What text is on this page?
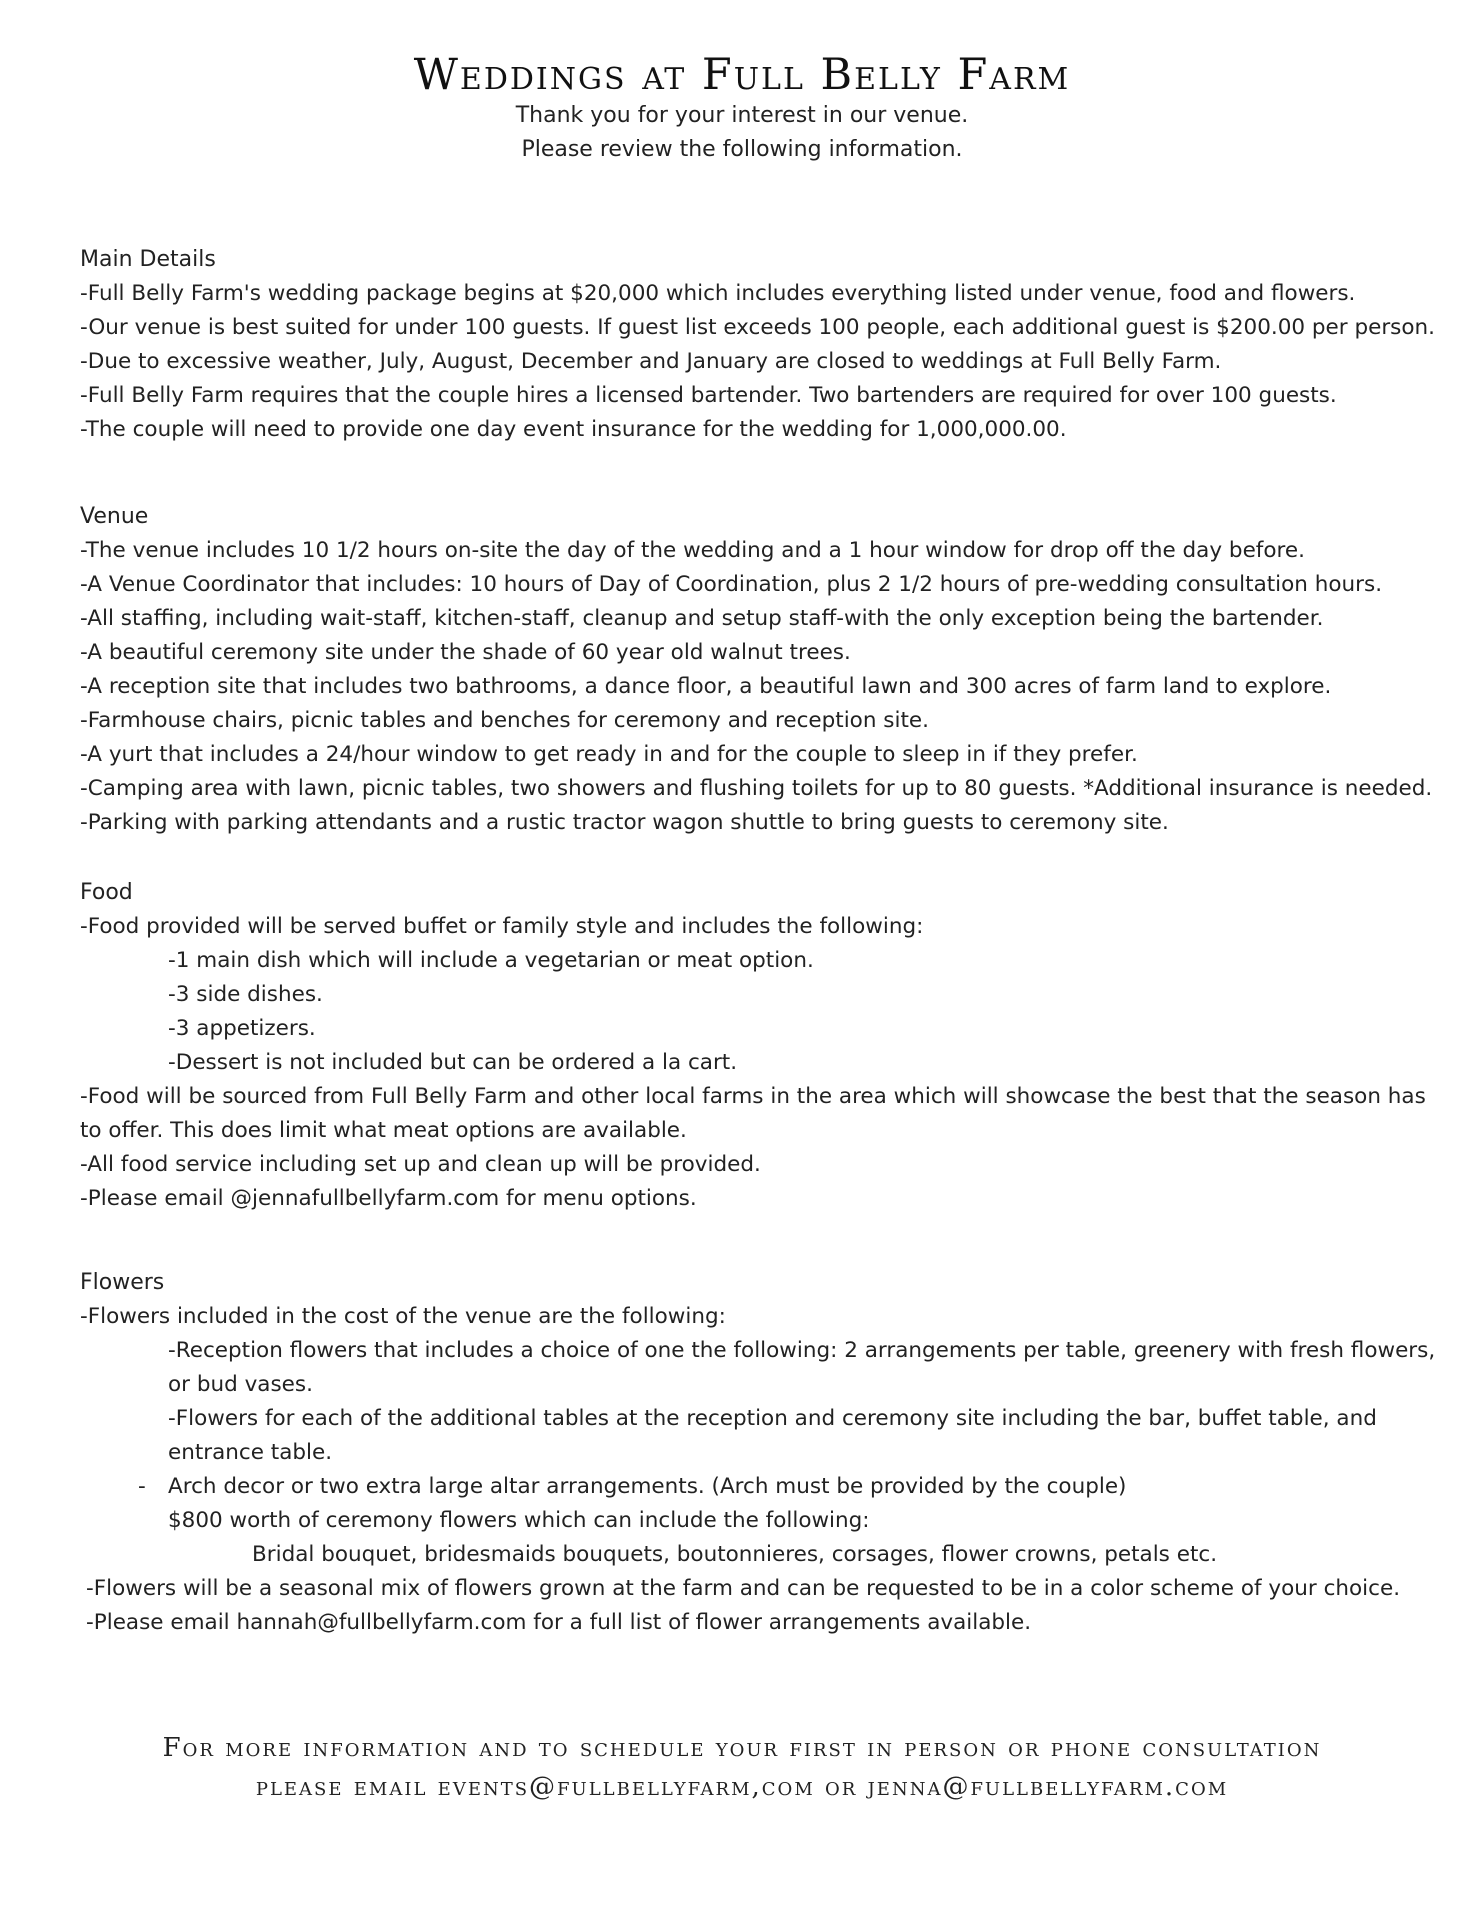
Weddings at Full Belly Farm
Thank you for your interest in our venue.
Please review the following information.
Main Details
-Full Belly Farm's wedding package begins at $20,000 which includes everything listed under venue, food and flowers.
-Our venue is best suited for under 100 guests. If guest list exceeds 100 people, each additional guest is $200.00 per person.
-Due to excessive weather, July, August, December and January are closed to weddings at Full Belly Farm.
-Full Belly Farm requires that the couple hires a licensed bartender. Two bartenders are required for over 100 guests.
-The couple will need to provide one day event insurance for the wedding for 1,000,000.00.
Venue
-The venue includes 10 1/2 hours on-site the day of the wedding and a 1 hour window for drop off the day before.
-A Venue Coordinator that includes: 10 hours of Day of Coordination, plus 2 1/2 hours of pre-wedding consultation hours.
-All staffing, including wait-staff, kitchen-staff, cleanup and setup staff-with the only exception being the bartender.
-A beautiful ceremony site under the shade of 60 year old walnut trees.
-A reception site that includes two bathrooms, a dance floor, a beautiful lawn and 300 acres of farm land to explore.
-Farmhouse chairs, picnic tables and benches for ceremony and reception site.
-A yurt that includes a 24/hour window to get ready in and for the couple to sleep in if they prefer.
-Camping area with lawn, picnic tables, two showers and flushing toilets for up to 80 guests. *Additional insurance is needed.
-Parking with parking attendants and a rustic tractor wagon shuttle to bring guests to ceremony site.
Food
-Food provided will be served buffet or family style and includes the following:
-1 main dish which will include a vegetarian or meat option.
-3 side dishes.
-3 appetizers.
-Dessert is not included but can be ordered a la cart.
-Food will be sourced from Full Belly Farm and other local farms in the area which will showcase the best that the season has to offer. This does limit what meat options are available.
-All food service including set up and clean up will be provided.
-Please email @jennafullbellyfarm.com for menu options.
Flowers
-Flowers included in the cost of the venue are the following:
-Reception flowers that includes a choice of one the following: 2 arrangements per table, greenery with fresh flowers, or bud vases.
-Flowers for each of the additional tables at the reception and ceremony site including the bar, buffet table, and entrance table.
- Arch decor or two extra large altar arrangements. (Arch must be provided by the couple)
$800 worth of ceremony flowers which can include the following:
Bridal bouquet, bridesmaids bouquets, boutonnieres, corsages, flower crowns, petals etc.
-Flowers will be a seasonal mix of flowers grown at the farm and can be requested to be in a color scheme of your choice.
-Please email hannah@fullbellyfarm.com for a full list of flower arrangements available.
For more information and to schedule your first in person or phone consultation
please email events@fullbellyfarm,com or jenna@fullbellyfarm.com
